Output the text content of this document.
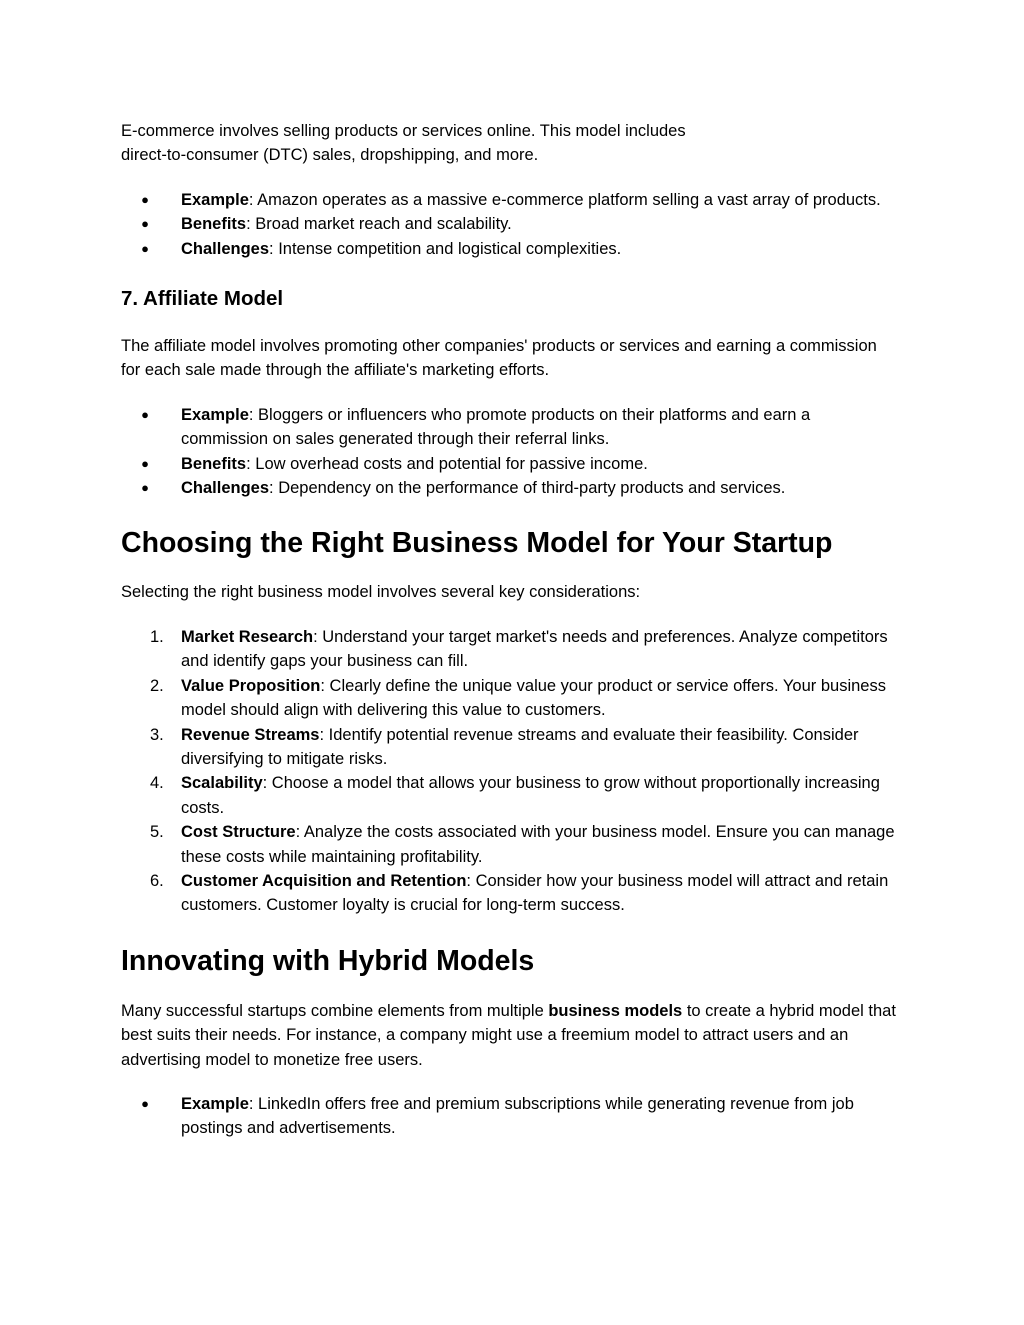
E-commerce involves selling products or services online. This model includes
direct-to-consumer (DTC) sales, dropshipping, and more.

●	Example: Amazon operates as a massive e-commerce platform selling a vast array of products.
●	Benefits: Broad market reach and scalability.
●	Challenges: Intense competition and logistical complexities.
7. Affiliate Model

The affiliate model involves promoting other companies' products or services and earning a commission for each sale made through the affiliate's marketing efforts.

●	Example: Bloggers or influencers who promote products on their platforms and earn a commission on sales generated through their referral links.
●	Benefits: Low overhead costs and potential for passive income.
●	Challenges: Dependency on the performance of third-party products and services.
Choosing the Right Business Model for Your Startup

Selecting the right business model involves several key considerations:

1.	Market Research: Understand your target market's needs and preferences. Analyze competitors and identify gaps your business can fill.
2.	Value Proposition: Clearly define the unique value your product or service offers. Your business model should align with delivering this value to customers.
3.	Revenue Streams: Identify potential revenue streams and evaluate their feasibility. Consider diversifying to mitigate risks.
4.	Scalability: Choose a model that allows your business to grow without proportionally increasing costs.
5.	Cost Structure: Analyze the costs associated with your business model. Ensure you can manage these costs while maintaining profitability.
6.	Customer Acquisition and Retention: Consider how your business model will attract and retain customers. Customer loyalty is crucial for long-term success.
Innovating with Hybrid Models

Many successful startups combine elements from multiple business models to create a hybrid model that best suits their needs. For instance, a company might use a freemium model to attract users and an advertising model to monetize free users.

●	Example: LinkedIn offers free and premium subscriptions while generating revenue from job postings and advertisements.
